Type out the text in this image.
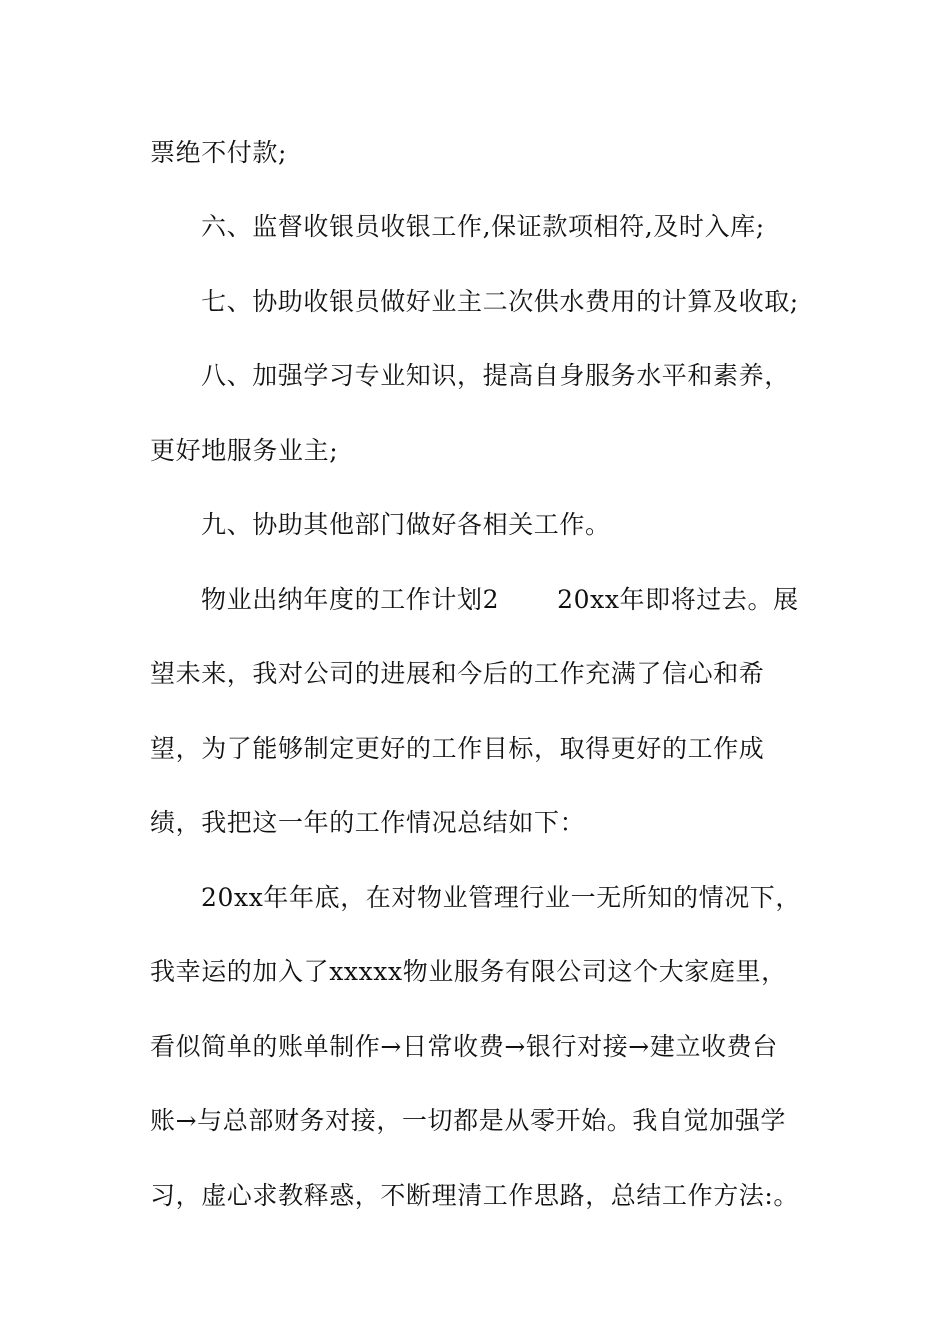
票绝不付款;
六、监督收银员收银工作,保证款项相符,及时入库;
七、协助收银员做好业主二次供水费用的计算及收取;
八、加强学习专业知识，提高自身服务水平和素养，
更好地服务业主;
九、协助其他部门做好各相关工作。
物业出纳年度的工作计划2 20xx年即将过去。展
望未来，我对公司的进展和今后的工作充满了信心和希
望，为了能够制定更好的工作目标，取得更好的工作成
绩，我把这一年的工作情况总结如下：
20xx年年底，在对物业管理行业一无所知的情况下，
我幸运的加入了xxxxx物业服务有限公司这个大家庭里，
看似简单的账单制作→日常收费→银行对接→建立收费台
账→与总部财务对接，一切都是从零开始。我自觉加强学
习，虚心求教释惑，不断理清工作思路，总结工作方法:。
